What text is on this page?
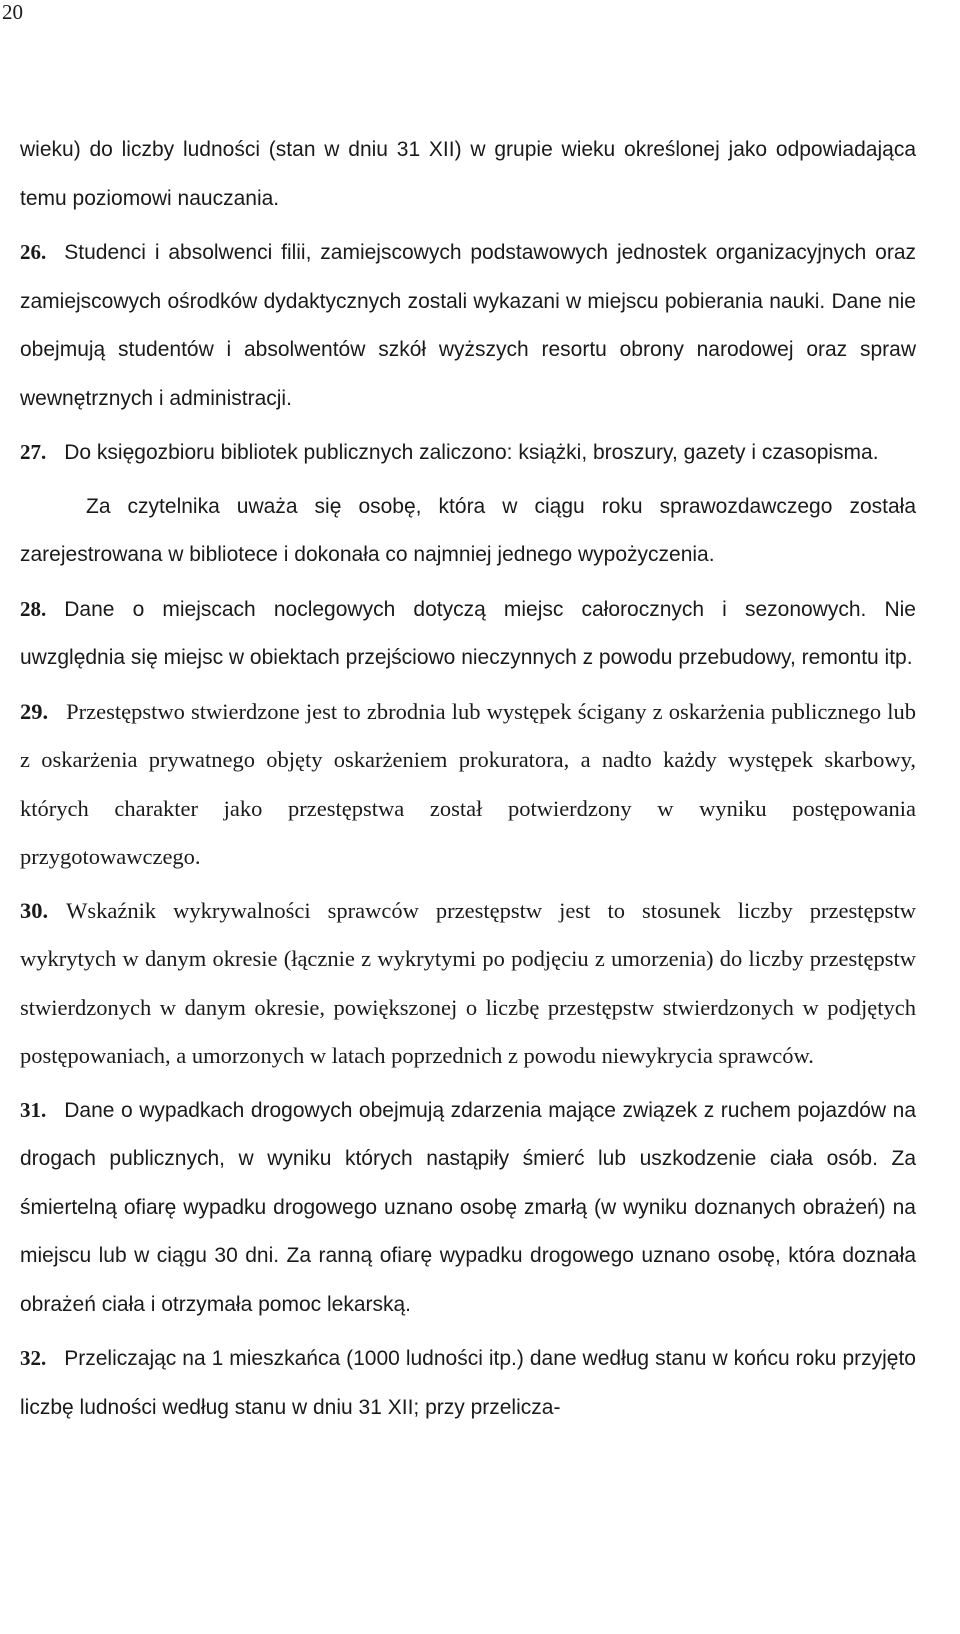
20

wieku) do liczby ludności (stan w dniu 31 XII) w grupie wieku określonej jako odpowiadająca temu poziomowi nauczania.

26. Studenci i absolwenci filii, zamiejscowych podstawowych jednostek organizacyjnych oraz zamiejscowych ośrodków dydaktycznych zostali wykazani w miejscu pobierania nauki. Dane nie obejmują studentów i absolwentów szkół wyższych resortu obrony narodowej oraz spraw wewnętrznych i administracji.

27. Do księgozbioru bibliotek publicznych zaliczono: książki, broszury, gazety i czasopisma.

Za czytelnika uważa się osobę, która w ciągu roku sprawozdawczego została zarejestrowana w bibliotece i dokonała co najmniej jednego wypożyczenia.

28. Dane o miejscach noclegowych dotyczą miejsc całorocznych i sezonowych. Nie uwzględnia się miejsc w obiektach przejściowo nieczynnych z powodu przebudowy, remontu itp.

29. Przestępstwo stwierdzone jest to zbrodnia lub występek ścigany z oskarżenia publicznego lub z oskarżenia prywatnego objęty oskarżeniem prokuratora, a nadto każdy występek skarbowy, których charakter jako przestępstwa został potwierdzony w wyniku postępowania przygotowawczego.

30. Wskaźnik wykrywalności sprawców przestępstw jest to stosunek liczby przestępstw wykrytych w danym okresie (łącznie z wykrytymi po podjęciu z umorzenia) do liczby przestępstw stwierdzonych w danym okresie, powiększonej o liczbę przestępstw stwierdzonych w podjętych postępowaniach, a umorzonych w latach poprzednich z powodu niewykrycia sprawców.

31. Dane o wypadkach drogowych obejmują zdarzenia mające związek z ruchem pojazdów na drogach publicznych, w wyniku których nastąpiły śmierć lub uszkodzenie ciała osób. Za śmiertelną ofiarę wypadku drogowego uznano osobę zmarłą (w wyniku doznanych obrażeń) na miejscu lub w ciągu 30 dni. Za ranną ofiarę wypadku drogowego uznano osobę, która doznała obrażeń ciała i otrzymała pomoc lekarską.

32. Przeliczając na 1 mieszkańca (1000 ludności itp.) dane według stanu w końcu roku przyjęto liczbę ludności według stanu w dniu 31 XII; przy przelicza-
